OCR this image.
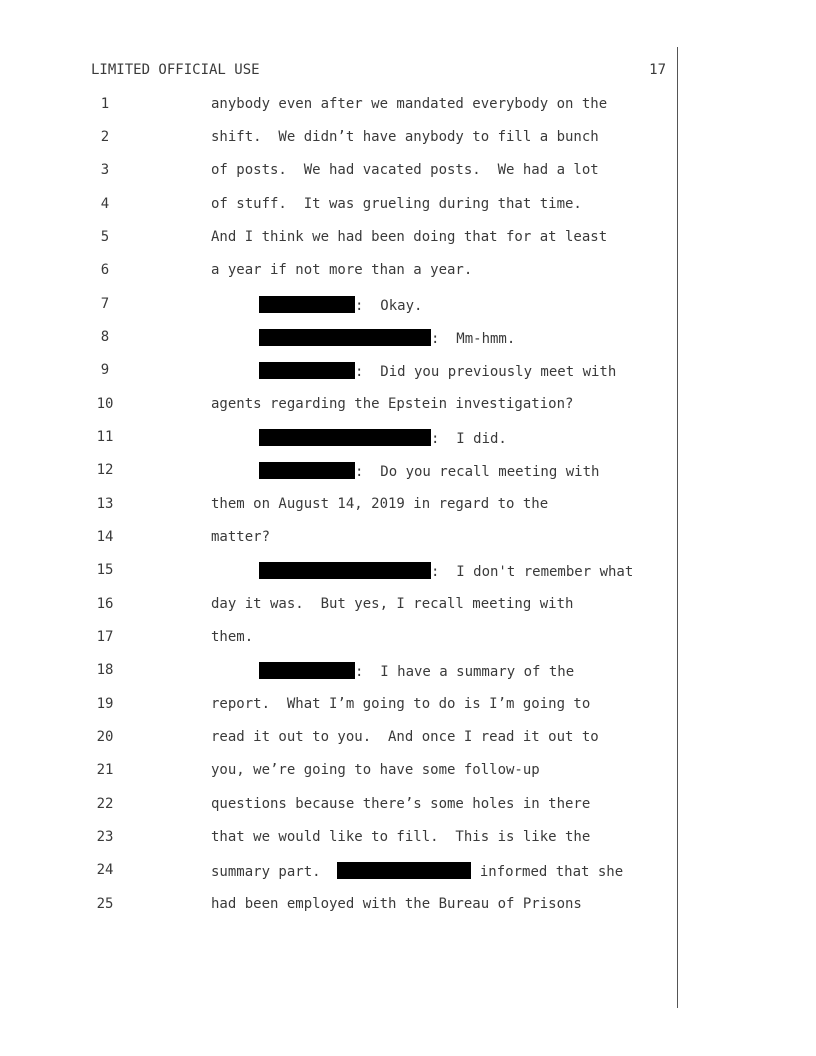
LIMITED OFFICIAL USE	17
1	anybody even after we mandated everybody on the
2	shift.  We didn’t have anybody to fill a bunch
3	of posts.  We had vacated posts.  We had a lot
4	of stuff.  It was grueling during that time.
5	And I think we had been doing that for at least
6	a year if not more than a year.
7	:  Okay.
8	:  Mm-hmm.
9	:  Did you previously meet with
10	agents regarding the Epstein investigation?
11	:  I did.
12	:  Do you recall meeting with
13	them on August 14, 2019 in regard to the
14	matter?
15	:  I don't remember what
16	day it was.  But yes, I recall meeting with
17	them.
18	:  I have a summary of the
19	report.  What I’m going to do is I’m going to
20	read it out to you.  And once I read it out to
21	you, we’re going to have some follow-up
22	questions because there’s some holes in there
23	that we would like to fill.  This is like the
24	summary part.	informed that she
25	had been employed with the Bureau of Prisons
